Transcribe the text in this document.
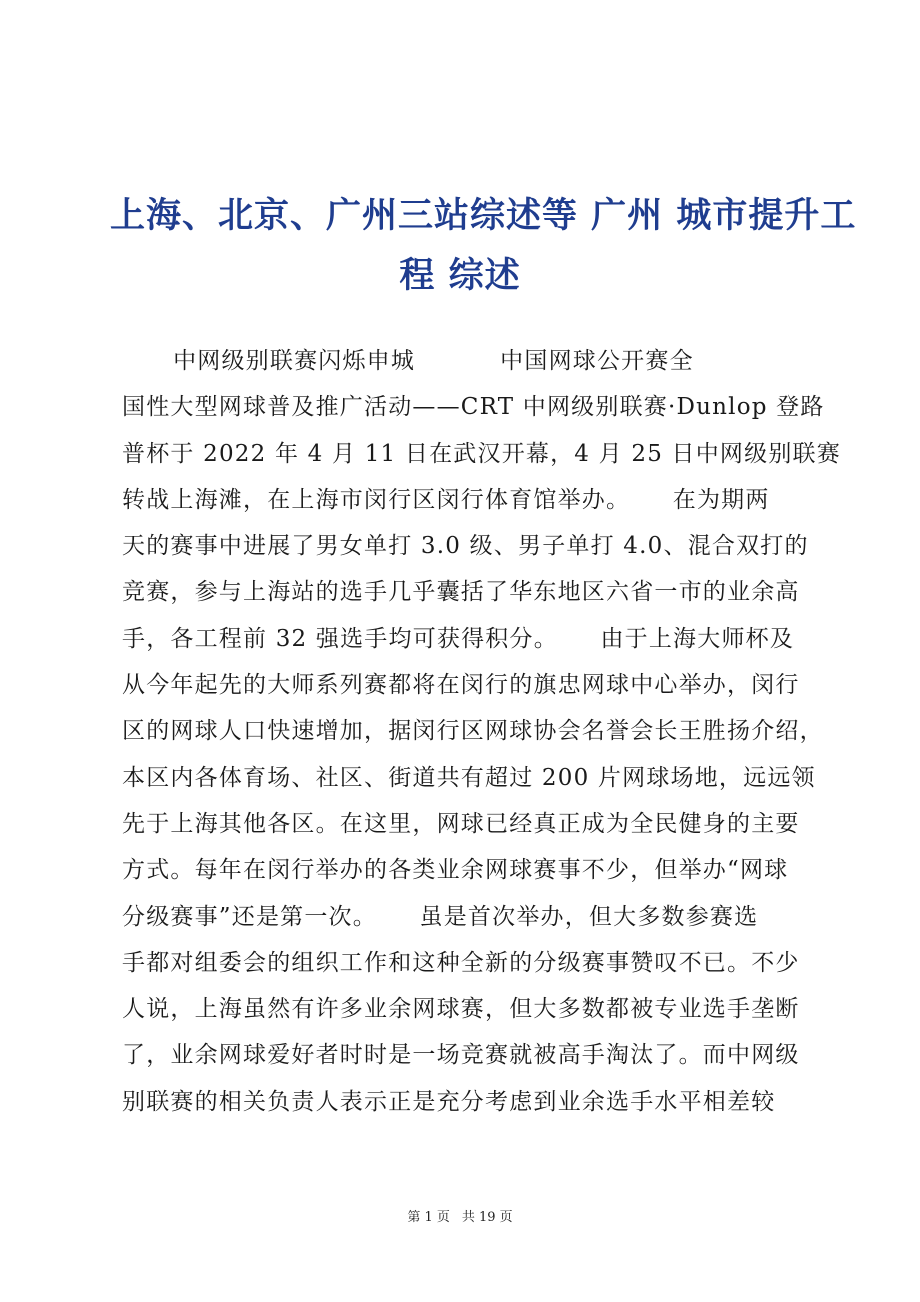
上海、北京、广州三站综述等 广州 城市提升工
程 综述
中网级别联赛闪烁申城          中国网球公开赛全
国性大型网球普及推广活动——CRT 中网级别联赛·Dunlop 登路
普杯于 2022 年 4 月 11 日在武汉开幕，4 月 25 日中网级别联赛
转战上海滩，在上海市闵行区闵行体育馆举办。     在为期两
天的赛事中进展了男女单打 3.0 级、男子单打 4.0、混合双打的
竞赛，参与上海站的选手几乎囊括了华东地区六省一市的业余高
手，各工程前 32 强选手均可获得积分。     由于上海大师杯及
从今年起先的大师系列赛都将在闵行的旗忠网球中心举办，闵行
区的网球人口快速增加，据闵行区网球协会名誉会长王胜扬介绍，
本区内各体育场、社区、街道共有超过 200 片网球场地，远远领
先于上海其他各区。在这里，网球已经真正成为全民健身的主要
方式。每年在闵行举办的各类业余网球赛事不少，但举办“网球
分级赛事”还是第一次。     虽是首次举办，但大多数参赛选
手都对组委会的组织工作和这种全新的分级赛事赞叹不已。不少
人说，上海虽然有许多业余网球赛，但大多数都被专业选手垄断
了，业余网球爱好者时时是一场竞赛就被高手淘汰了。而中网级
别联赛的相关负责人表示正是充分考虑到业余选手水平相差较
第 1 页 共 19 页
